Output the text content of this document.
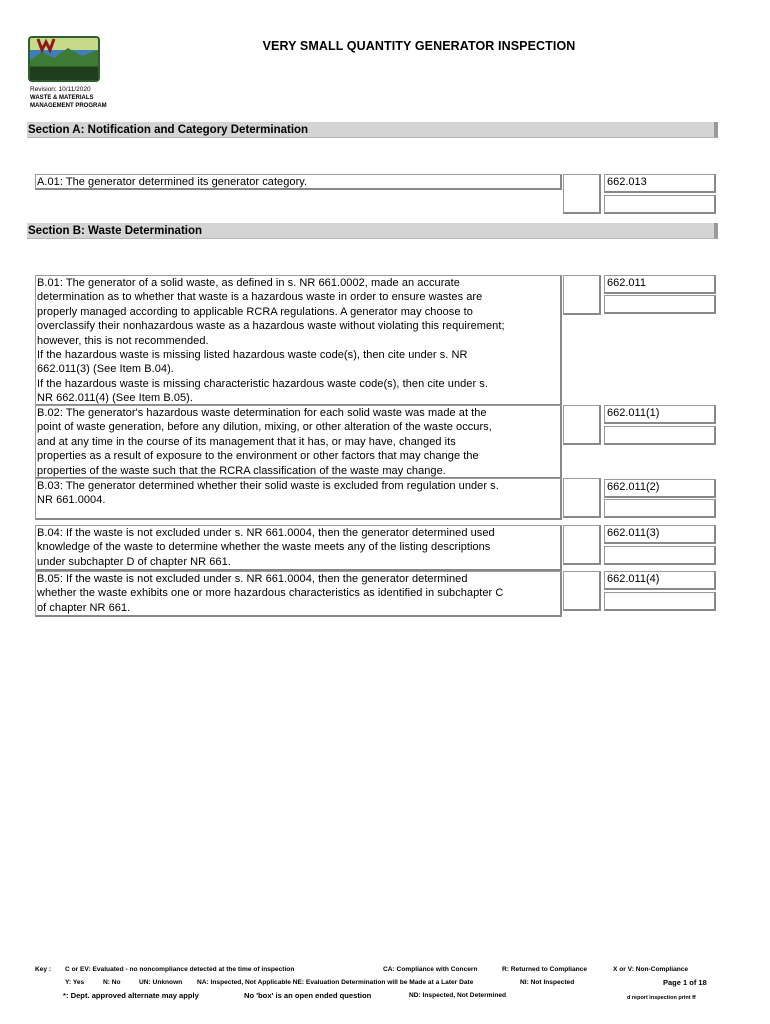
VERY SMALL QUANTITY GENERATOR INSPECTION
Revision: 10/11/2020
WASTE & MATERIALS
MANAGEMENT PROGRAM
Section A: Notification and Category Determination
A.01: The generator determined its generator category.	662.013
Section B: Waste Determination
B.01: The generator of a solid waste, as defined in s. NR 661.0002, made an accurate
determination as to whether that waste is a hazardous waste in order to ensure wastes are
properly managed according to applicable RCRA regulations. A generator may choose to
overclassify their nonhazardous waste as a hazardous waste without violating this requirement;
however, this is not recommended.
If the hazardous waste is missing listed hazardous waste code(s), then cite under s. NR
662.011(3) (See Item B.04).
If the hazardous waste is missing characteristic hazardous waste code(s), then cite under s.
NR 662.011(4) (See Item B.05).
662.011
B.02: The generator's hazardous waste determination for each solid waste was made at the
point of waste generation, before any dilution, mixing, or other alteration of the waste occurs,
and at any time in the course of its management that it has, or may have, changed its
properties as a result of exposure to the environment or other factors that may change the
properties of the waste such that the RCRA classification of the waste may change.
662.011(1)
B.03: The generator determined whether their solid waste is excluded from regulation under s.
NR 661.0004.
662.011(2)
B.04: If the waste is not excluded under s. NR 661.0004, then the generator determined used
knowledge of the waste to determine whether the waste meets any of the listing descriptions
under subchapter D of chapter NR 661.
662.011(3)
B.05: If the waste is not excluded under s. NR 661.0004, then the generator determined
whether the waste exhibits one or more hazardous characteristics as identified in subchapter C
of chapter NR 661.
662.011(4)
Key : C or EV: Evaluated - no noncompliance detected at the time of inspection	CA: Compliance with Concern	R: Returned to Compliance	X or V: Non-Compliance
Y: Yes	N: No	UN: Unknown NA: Inspected, Not Applicable NE: Evaluation Determination will be Made at a Later Date	NI: Not Inspected	Page 1 of 18
*: Dept. approved alternate may apply	No 'box' is an open ended question	ND: Inspected, Not Determined	d report inspection print ff
